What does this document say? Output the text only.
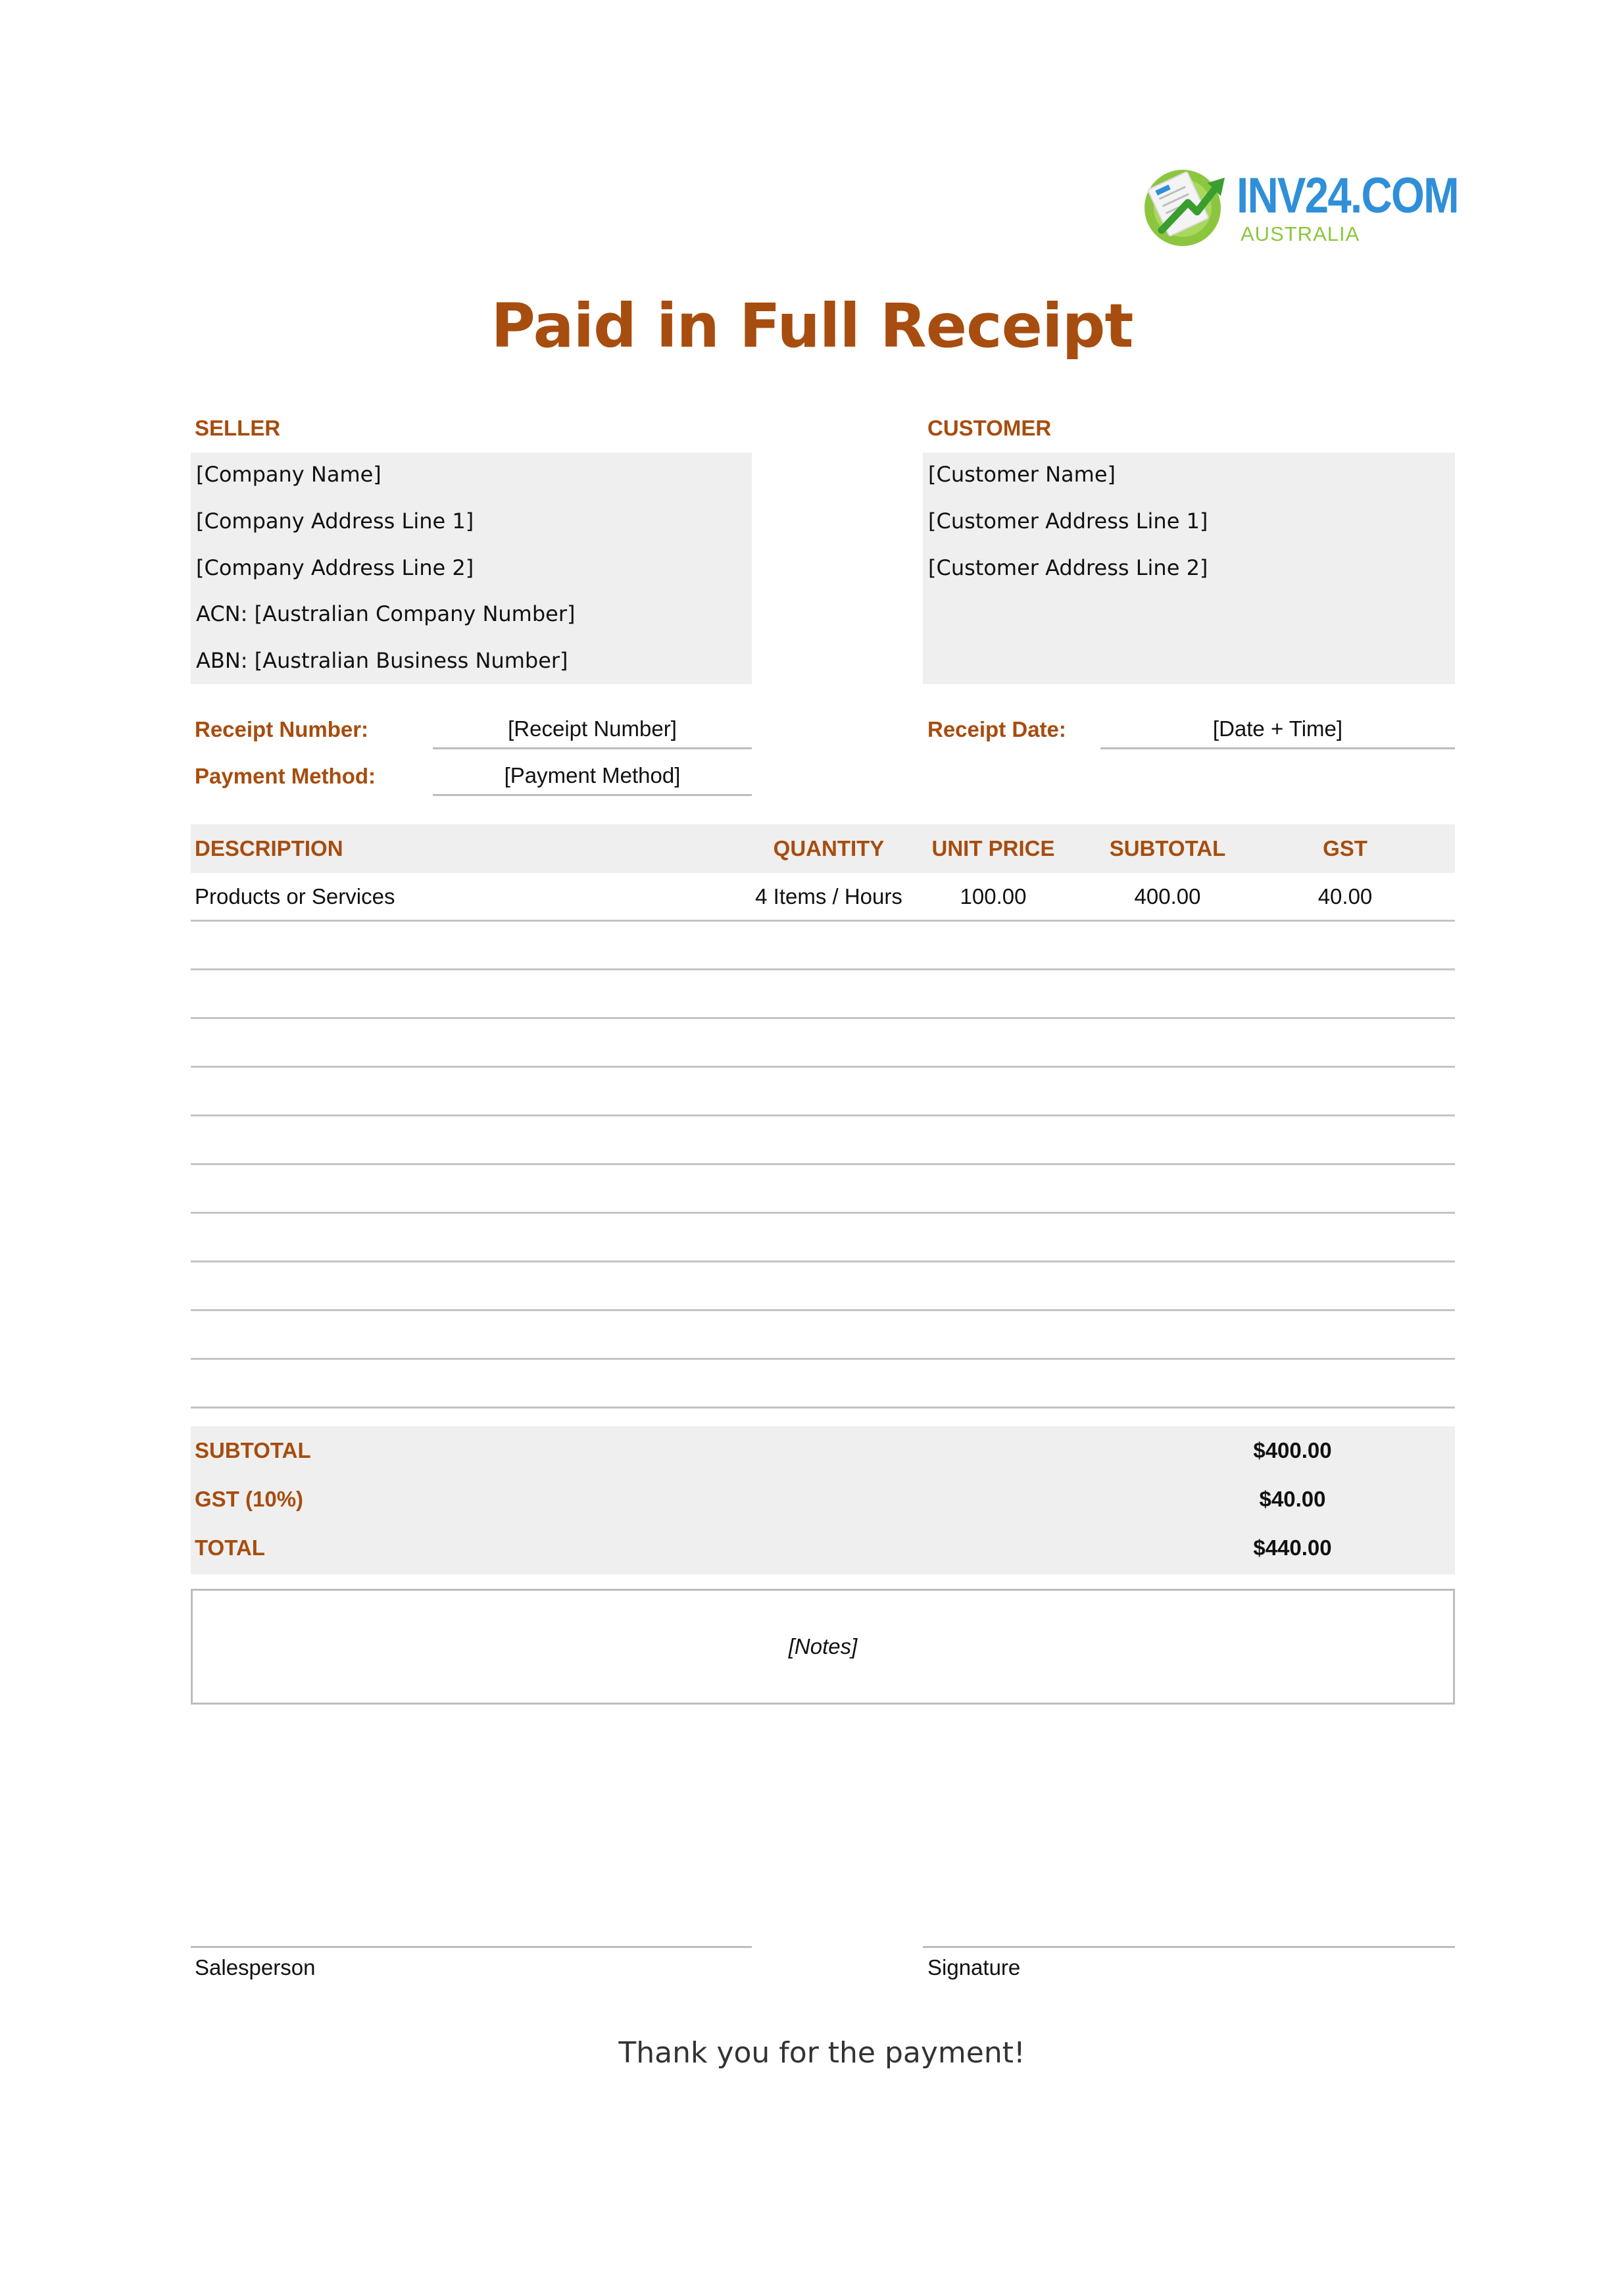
INV24.COM
AUSTRALIA
Paid in Full Receipt
SELLER
[Company Name]
[Company Address Line 1]
[Company Address Line 2]
ACN: [Australian Company Number]
ABN: [Australian Business Number]
CUSTOMER
[Customer Name]
[Customer Address Line 1]
[Customer Address Line 2]
Receipt Number:	[Receipt Number]
Payment Method:	[Payment Method]
Receipt Date:	[Date + Time]
DESCRIPTION	QUANTITY	UNIT PRICE	SUBTOTAL	GST
Products or Services	4 Items / Hours	100.00	400.00	40.00
SUBTOTAL	$400.00
GST (10%)	$40.00
TOTAL	$440.00
[Notes]
Salesperson	Signature
Thank you for the payment!
